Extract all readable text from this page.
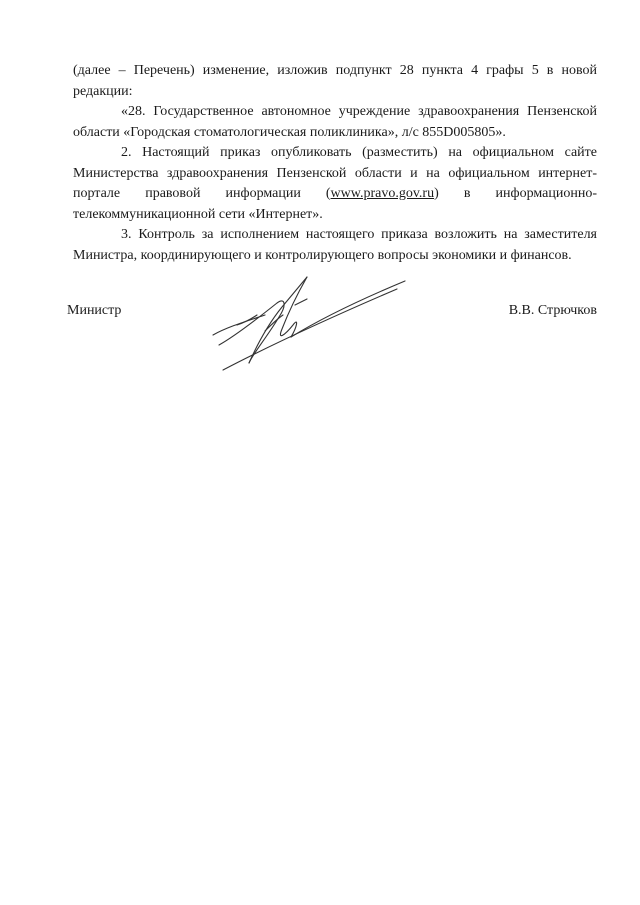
(далее – Перечень) изменение, изложив подпункт 28 пункта 4 графы 5 в новой редакции:

«28. Государственное автономное учреждение здравоохранения Пензенской области «Городская стоматологическая поликлиника», л/с 855D005805».

2. Настоящий приказ опубликовать (разместить) на официальном сайте Министерства здравоохранения Пензенской области и на официальном интернет-портале правовой информации (www.pravo.gov.ru) в информационно-телекоммуникационной сети «Интернет».

3. Контроль за исполнением настоящего приказа возложить на заместителя Министра, координирующего и контролирующего вопросы экономики и финансов.

Министр	В.В. Стрючков
